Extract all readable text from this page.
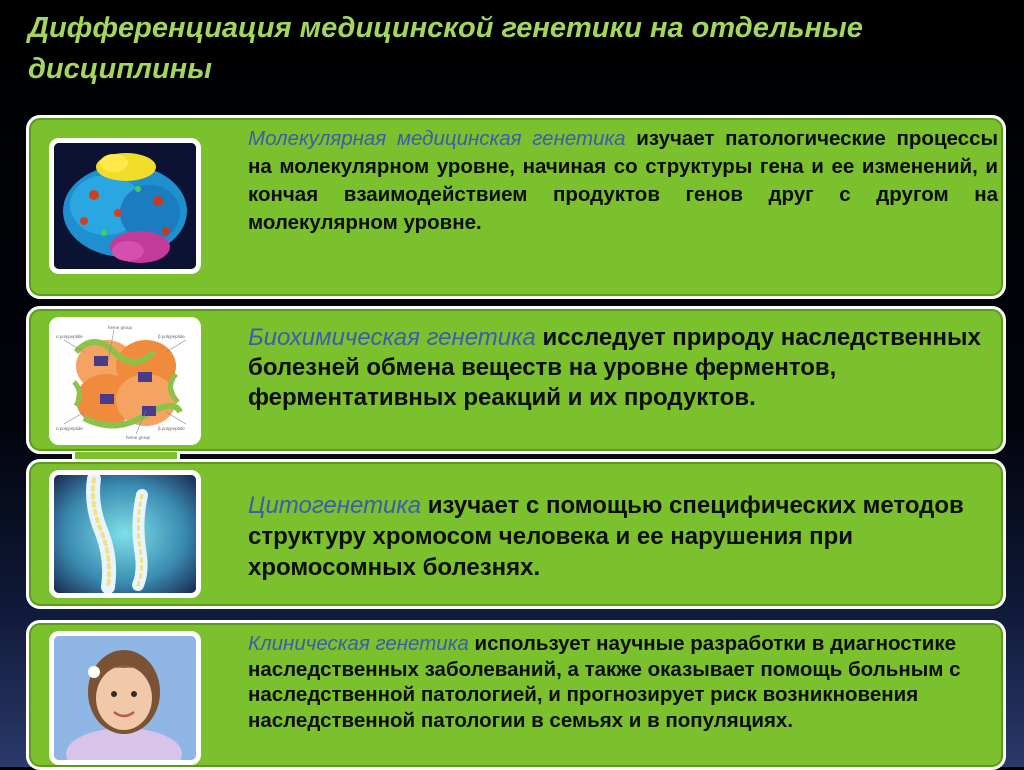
Дифференциация медицинской генетики на отдельные дисциплины

Молекулярная медицинская генетика изучает патологические процессы на молекулярном уровне, начиная со структуры гена и ее изменений, и кончая взаимодействием продуктов генов друг с другом на молекулярном уровне.

heme group
α polypeptide	β polypeptide
heme group
α polypeptide	β polypeptide

Биохимическая генетика исследует природу наследственных болезней обмена веществ на уровне ферментов, ферментативных реакций и их продуктов.

Цитогенетика изучает с помощью специфических методов структуру хромосом человека и ее нарушения при хромосомных болезнях.

Клиническая генетика использует научные разработки в диагностике наследственных заболеваний, а также оказывает помощь больным с наследственной патологией, и прогнозирует риск возникновения наследственной патологии в семьях и в популяциях.
